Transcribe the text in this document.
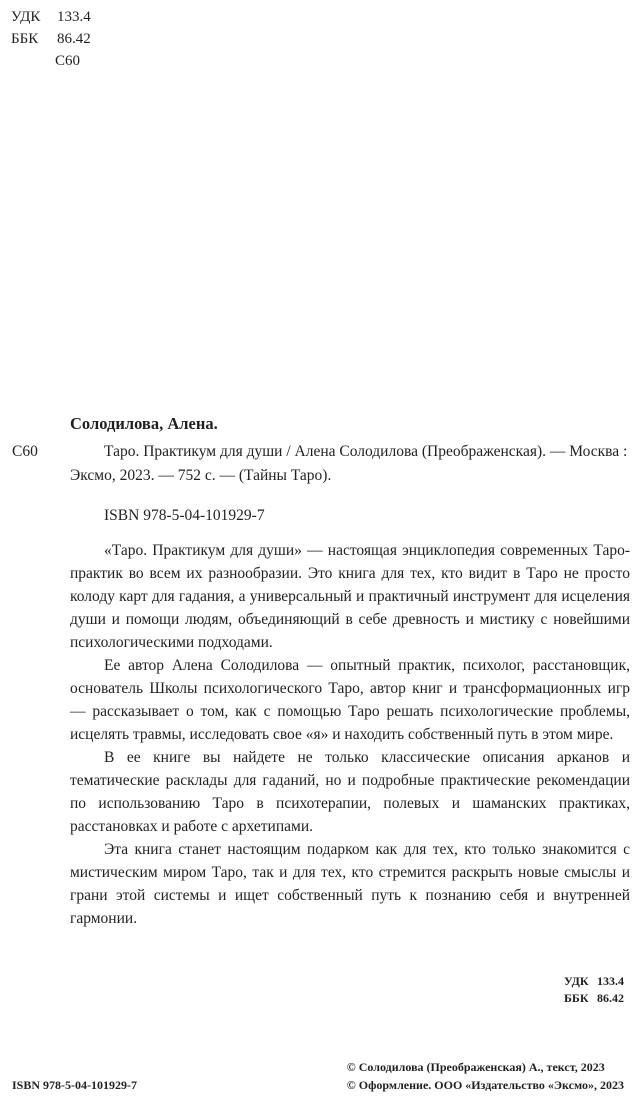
УДК 133.4
ББК 86.42
С60
Солодилова, Алена.
С60	Таро. Практикум для души / Алена Солодилова (Преображенская). — Москва : Эксмо, 2023. — 752 с. — (Тайны Таро).

ISBN 978-5-04-101929-7

«Таро. Практикум для души» — настоящая энциклопедия современных Таро-практик во всем их разнообразии. Это книга для тех, кто видит в Таро не просто колоду карт для гадания, а универсальный и практичный инструмент для исцеления души и помощи людям, объединяющий в себе древность и мистику с новейшими психологическими подходами.

Ее автор Алена Солодилова — опытный практик, психолог, расстановщик, основатель Школы психологического Таро, автор книг и трансформационных игр — рассказывает о том, как с помощью Таро решать психологические проблемы, исцелять травмы, исследовать свое «я» и находить собственный путь в этом мире.

В ее книге вы найдете не только классические описания арканов и тематические расклады для гаданий, но и подробные практические рекомендации по использованию Таро в психотерапии, полевых и шаманских практиках, расстановках и работе с архетипами.

Эта книга станет настоящим подарком как для тех, кто только знакомится с мистическим миром Таро, так и для тех, кто стремится раскрыть новые смыслы и грани этой системы и ищет собственный путь к познанию себя и внутренней гармонии.

УДК 133.4
ББК 86.42
ISBN 978-5-04-101929-7
© Солодилова (Преображенская) А., текст, 2023
© Оформление. ООО «Издательство «Эксмо», 2023
